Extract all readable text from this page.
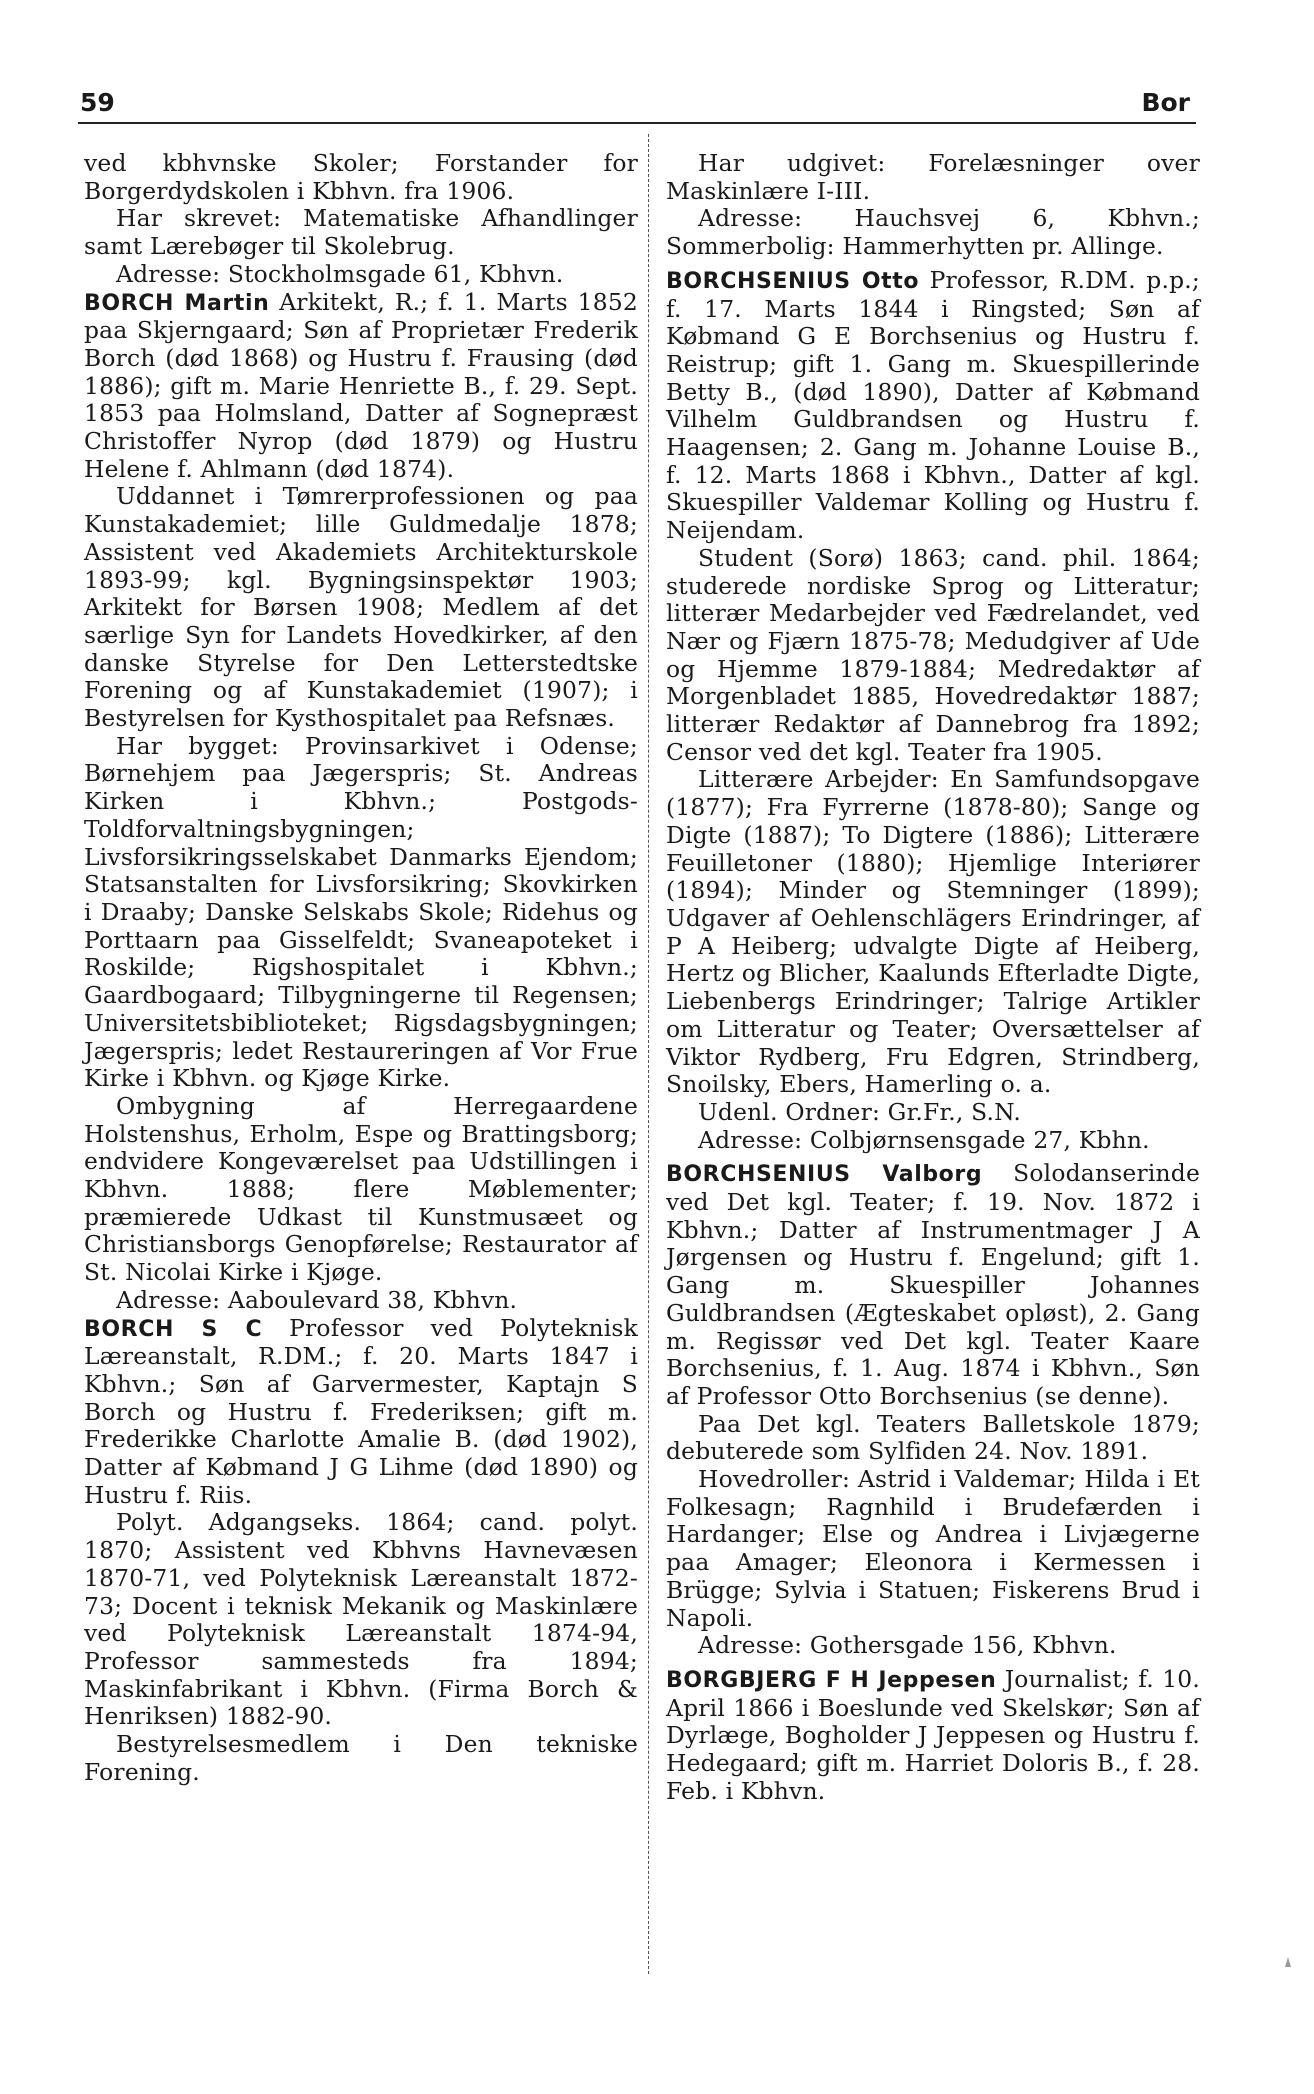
59	Bor

ved kbhvnske Skoler; Forstander for Borgerdydskolen i Kbhvn. fra 1906.

Har skrevet: Matematiske Afhandlinger samt Lærebøger til Skolebrug.

Adresse: Stockholmsgade 61, Kbhvn.

BORCH Martin Arkitekt, R.; f. 1. Marts 1852 paa Skjerngaard; Søn af Proprietær Frederik Borch (død 1868) og Hustru f. Frausing (død 1886); gift m. Marie Henriette B., f. 29. Sept. 1853 paa Holmsland, Datter af Sognepræst Christoffer Nyrop (død 1879) og Hustru Helene f. Ahlmann (død 1874).

Uddannet i Tømrerprofessionen og paa Kunstakademiet; lille Guldmedalje 1878; Assistent ved Akademiets Architekturskole 1893-99; kgl. Bygningsinspektør 1903; Arkitekt for Børsen 1908; Medlem af det særlige Syn for Landets Hovedkirker, af den danske Styrelse for Den Letterstedtske Forening og af Kunstakademiet (1907); i Bestyrelsen for Kysthospitalet paa Refsnæs.

Har bygget: Provinsarkivet i Odense; Børnehjem paa Jægerspris; St. Andreas Kirken i Kbhvn.; Postgods-Toldforvaltningsbygningen; Livsforsikringsselskabet Danmarks Ejendom; Statsanstalten for Livsforsikring; Skovkirken i Draaby; Danske Selskabs Skole; Ridehus og Porttaarn paa Gisselfeldt; Svaneapoteket i Roskilde; Rigshospitalet i Kbhvn.; Gaardbogaard; Tilbygningerne til Regensen; Universitetsbiblioteket; Rigsdagsbygningen; Jægerspris; ledet Restaureringen af Vor Frue Kirke i Kbhvn. og Kjøge Kirke.

Ombygning af Herregaardene Holstenshus, Erholm, Espe og Brattingsborg; endvidere Kongeværelset paa Udstillingen i Kbhvn. 1888; flere Møblementer; præmierede Udkast til Kunstmusæet og Christiansborgs Genopførelse; Restaurator af St. Nicolai Kirke i Kjøge.

Adresse: Aaboulevard 38, Kbhvn.

BORCH S C Professor ved Polyteknisk Læreanstalt, R.DM.; f. 20. Marts 1847 i Kbhvn.; Søn af Garvermester, Kaptajn S Borch og Hustru f. Frederiksen; gift m. Frederikke Charlotte Amalie B. (død 1902), Datter af Købmand J G Lihme (død 1890) og Hustru f. Riis.

Polyt. Adgangseks. 1864; cand. polyt. 1870; Assistent ved Kbhvns Havnevæsen 1870-71, ved Polyteknisk Læreanstalt 1872-73; Docent i teknisk Mekanik og Maskinlære ved Polyteknisk Læreanstalt 1874-94, Professor sammesteds fra 1894; Maskinfabrikant i Kbhvn. (Firma Borch & Henriksen) 1882-90.

Bestyrelsesmedlem i Den tekniske Forening.

Har udgivet: Forelæsninger over Maskinlære I-III.

Adresse: Hauchsvej 6, Kbhvn.; Sommerbolig: Hammerhytten pr. Allinge.

BORCHSENIUS Otto Professor, R.DM. p.p.; f. 17. Marts 1844 i Ringsted; Søn af Købmand G E Borchsenius og Hustru f. Reistrup; gift 1. Gang m. Skuespillerinde Betty B., (død 1890), Datter af Købmand Vilhelm Guldbrandsen og Hustru f. Haagensen; 2. Gang m. Johanne Louise B., f. 12. Marts 1868 i Kbhvn., Datter af kgl. Skuespiller Valdemar Kolling og Hustru f. Neijendam.

Student (Sorø) 1863; cand. phil. 1864; studerede nordiske Sprog og Litteratur; litterær Medarbejder ved Fædrelandet, ved Nær og Fjærn 1875-78; Medudgiver af Ude og Hjemme 1879-1884; Medredaktør af Morgenbladet 1885, Hovedredaktør 1887; litterær Redaktør af Dannebrog fra 1892; Censor ved det kgl. Teater fra 1905.

Litterære Arbejder: En Samfundsopgave (1877); Fra Fyrrerne (1878-80); Sange og Digte (1887); To Digtere (1886); Litterære Feuilletoner (1880); Hjemlige Interiører (1894); Minder og Stemninger (1899); Udgaver af Oehlenschlägers Erindringer, af P A Heiberg; udvalgte Digte af Heiberg, Hertz og Blicher, Kaalunds Efterladte Digte, Liebenbergs Erindringer; Talrige Artikler om Litteratur og Teater; Oversættelser af Viktor Rydberg, Fru Edgren, Strindberg, Snoilsky, Ebers, Hamerling o. a.

Udenl. Ordner: Gr.Fr., S.N.

Adresse: Colbjørnsensgade 27, Kbhn.

BORCHSENIUS Valborg Solodanserinde ved Det kgl. Teater; f. 19. Nov. 1872 i Kbhvn.; Datter af Instrumentmager J A Jørgensen og Hustru f. Engelund; gift 1. Gang m. Skuespiller Johannes Guldbrandsen (Ægteskabet opløst), 2. Gang m. Regissør ved Det kgl. Teater Kaare Borchsenius, f. 1. Aug. 1874 i Kbhvn., Søn af Professor Otto Borchsenius (se denne).

Paa Det kgl. Teaters Balletskole 1879; debuterede som Sylfiden 24. Nov. 1891.

Hovedroller: Astrid i Valdemar; Hilda i Et Folkesagn; Ragnhild i Brudefærden i Hardanger; Else og Andrea i Livjægerne paa Amager; Eleonora i Kermessen i Brügge; Sylvia i Statuen; Fiskerens Brud i Napoli.

Adresse: Gothersgade 156, Kbhvn.

BORGBJERG F H Jeppesen Journalist; f. 10. April 1866 i Boeslunde ved Skelskør; Søn af Dyrlæge, Bogholder J Jeppesen og Hustru f. Hedegaard; gift m. Harriet Doloris B., f. 28. Feb. i Kbhvn.
